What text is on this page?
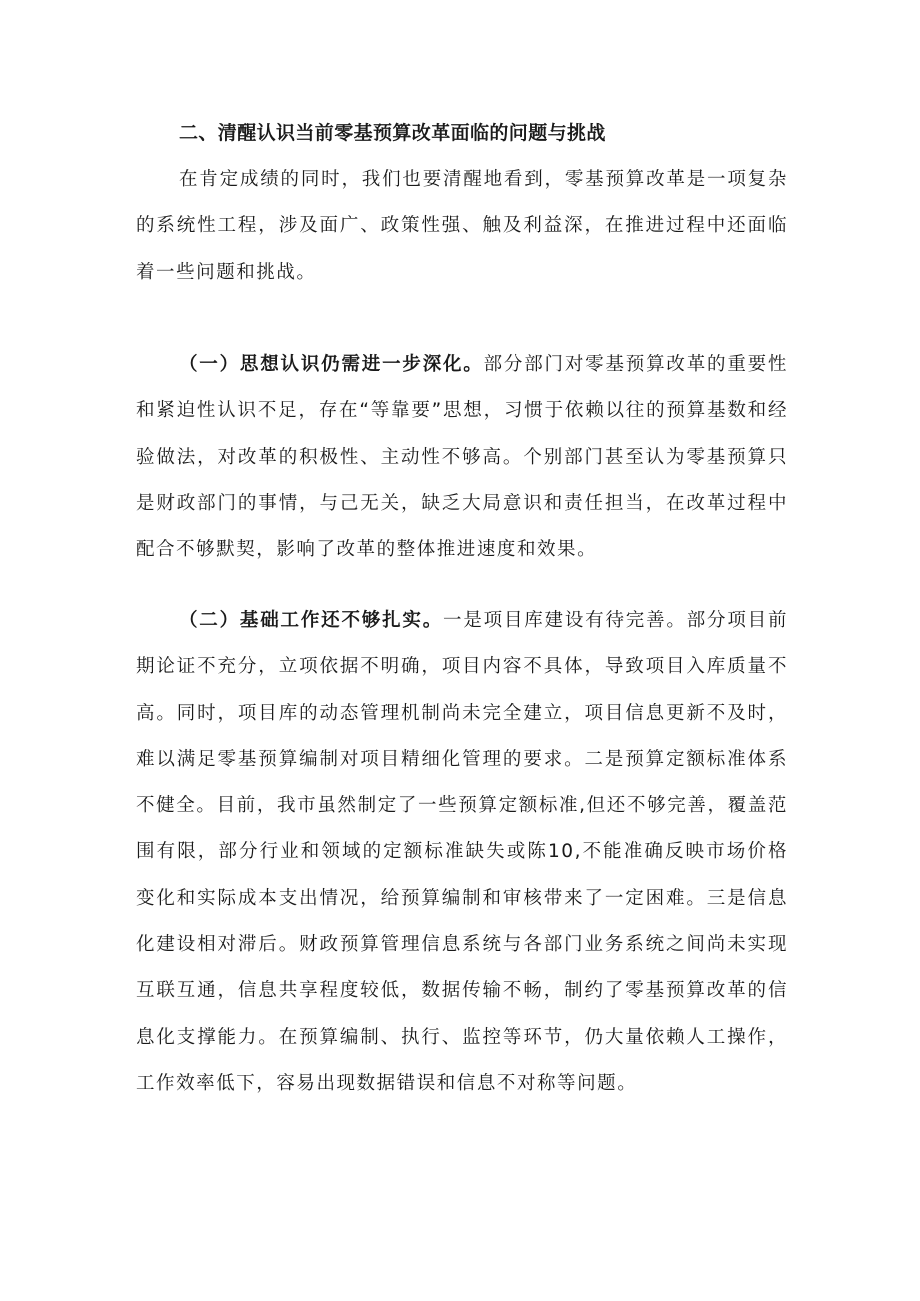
二、清醒认识当前零基预算改革面临的问题与挑战

在肯定成绩的同时，我们也要清醒地看到，零基预算改革是一项复杂的系统性工程，涉及面广、政策性强、触及利益深，在推进过程中还面临着一些问题和挑战。

（一）思想认识仍需进一步深化。部分部门对零基预算改革的重要性和紧迫性认识不足，存在“等靠要”思想，习惯于依赖以往的预算基数和经验做法，对改革的积极性、主动性不够高。个别部门甚至认为零基预算只是财政部门的事情，与己无关，缺乏大局意识和责任担当，在改革过程中配合不够默契，影响了改革的整体推进速度和效果。

（二）基础工作还不够扎实。一是项目库建设有待完善。部分项目前期论证不充分，立项依据不明确，项目内容不具体，导致项目入库质量不高。同时，项目库的动态管理机制尚未完全建立，项目信息更新不及时，难以满足零基预算编制对项目精细化管理的要求。二是预算定额标准体系不健全。目前，我市虽然制定了一些预算定额标准,但还不够完善，覆盖范围有限，部分行业和领域的定额标准缺失或陈10,不能准确反映市场价格变化和实际成本支出情况，给预算编制和审核带来了一定困难。三是信息化建设相对滞后。财政预算管理信息系统与各部门业务系统之间尚未实现互联互通，信息共享程度较低，数据传输不畅，制约了零基预算改革的信息化支撑能力。在预算编制、执行、监控等环节，仍大量依赖人工操作，工作效率低下，容易出现数据错误和信息不对称等问题。
